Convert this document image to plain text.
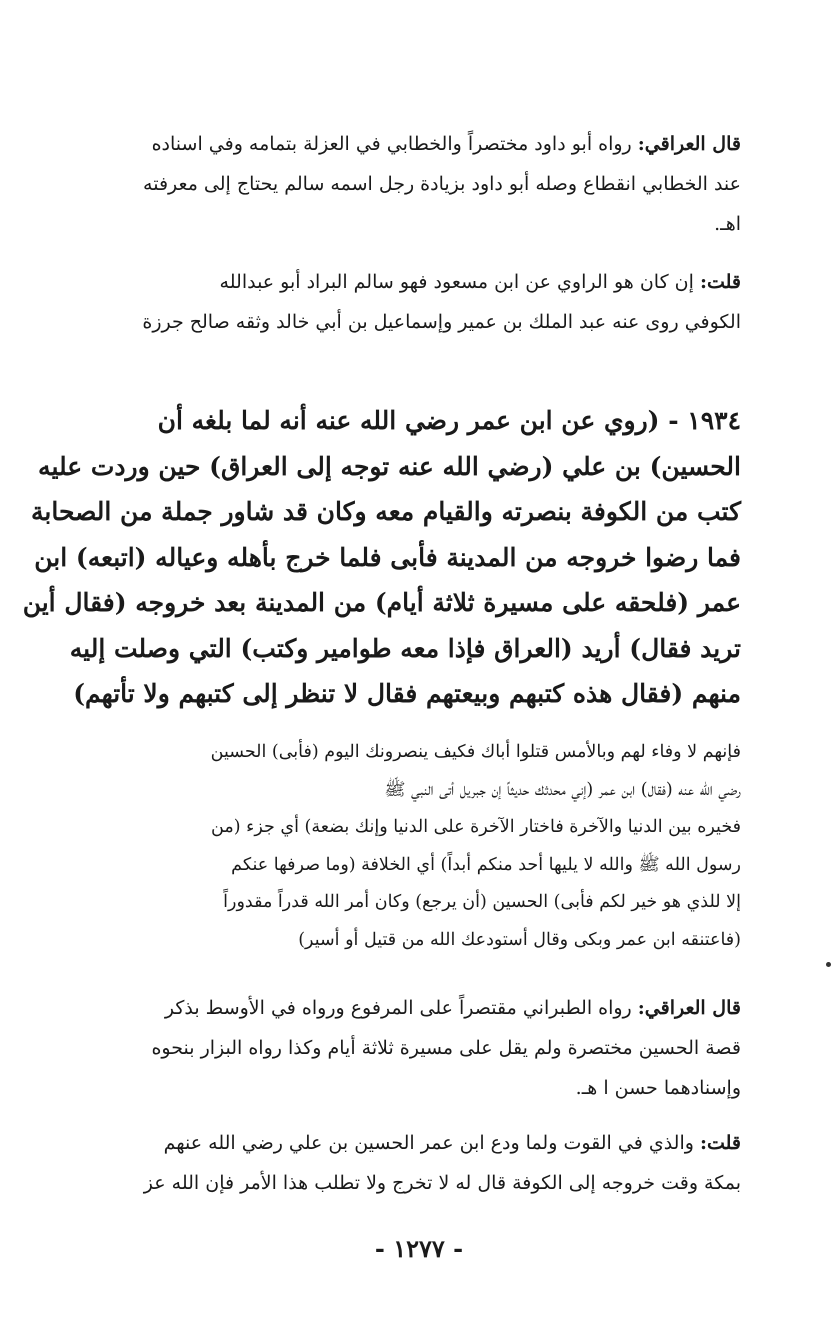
قال العراقي: رواه أبو داود مختصراً والخطابي في العزلة بتمامه وفي اسناده
عند الخطابي انقطاع وصله أبو داود بزيادة رجل اسمه سالم يحتاج إلى معرفته
اهـ.
قلت: إن كان هو الراوي عن ابن مسعود فهو سالم البراد أبو عبدالله
الكوفي روى عنه عبد الملك بن عمير وإسماعيل بن أبي خالد وثقه صالح جرزة
١٩٣٤ - (روي عن ابن عمر رضي الله عنه أنه لما بلغه أن
الحسين) بن علي (رضي الله عنه توجه إلى العراق) حين وردت عليه
كتب من الكوفة بنصرته والقيام معه وكان قد شاور جملة من الصحابة
فما رضوا خروجه من المدينة فأبى فلما خرج بأهله وعياله (اتبعه) ابن
عمر (فلحقه على مسيرة ثلاثة أيام) من المدينة بعد خروجه (فقال أين
تريد فقال) أريد (العراق فإذا معه طوامير وكتب) التي وصلت إليه
منهم (فقال هذه كتبهم وبيعتهم فقال لا تنظر إلى كتبهم ولا تأتهم)
فإنهم لا وفاء لهم وبالأمس قتلوا أباك فكيف ينصرونك اليوم (فأبى) الحسين
رضي الله عنه (فقال) ابن عمر (إني محدثك حديثاً إن جبريل أتى النبي ﷺ
فخيره بين الدنيا والآخرة فاختار الآخرة على الدنيا وإنك بضعة) أي جزء (من
رسول الله ﷺ والله لا يليها أحد منكم أبداً) أي الخلافة (وما صرفها عنكم
إلا للذي هو خير لكم فأبى) الحسين (أن يرجع) وكان أمر الله قدراً مقدوراً
(فاعتنقه ابن عمر وبكى وقال أستودعك الله من قتيل أو أسير)
قال العراقي: رواه الطبراني مقتصراً على المرفوع ورواه في الأوسط بذكر
قصة الحسين مختصرة ولم يقل على مسيرة ثلاثة أيام وكذا رواه البزار بنحوه
وإسنادهما حسن ا هـ.
قلت: والذي في القوت ولما ودع ابن عمر الحسين بن علي رضي الله عنهم
بمكة وقت خروجه إلى الكوفة قال له لا تخرج ولا تطلب هذا الأمر فإن الله عز
- ١٢٧٧ -
